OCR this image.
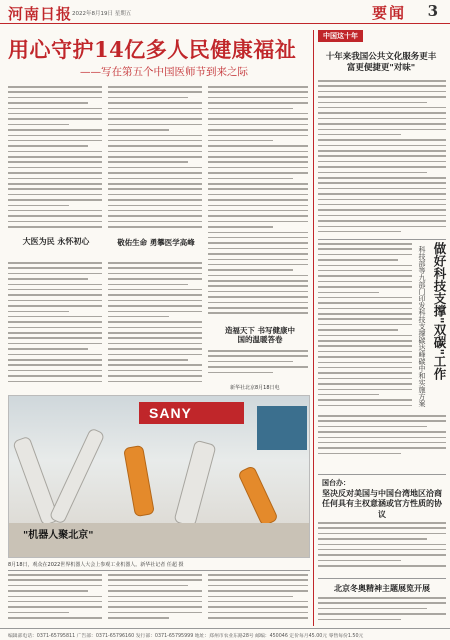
河南日报 2022年8月19日 星期五	要闻 3
用心守护14亿多人民健康福祉
——写在第五个中国医师节到来之际
大医为民 永怀初心	敬佑生命 勇攀医学高峰
造福天下 书写健康中国的温暖答卷
新华社北京8月18日电
SANY
"机器人聚北京"
8月18日，观众在2022世界机器人大会上参观工业机器人。新华社记者 任超 摄
中国这十年
十年来我国公共文化服务更丰富更便捷更"对味"
科技部等九部门印发科技支撑碳达峰碳中和实施方案 做好科技支撑"双碳"工作
国台办：
坚决反对美国与中国台湾地区洽商任何具有主权意涵或官方性质的协议
北京冬奥精神主题展览开展
编辑部电话：0371-65795811 广告部：0371-65796160 发行部：0371-65795999 地址：郑州市农业东路28号 邮编：450046 定价每月45.00元 零售每份1.50元
